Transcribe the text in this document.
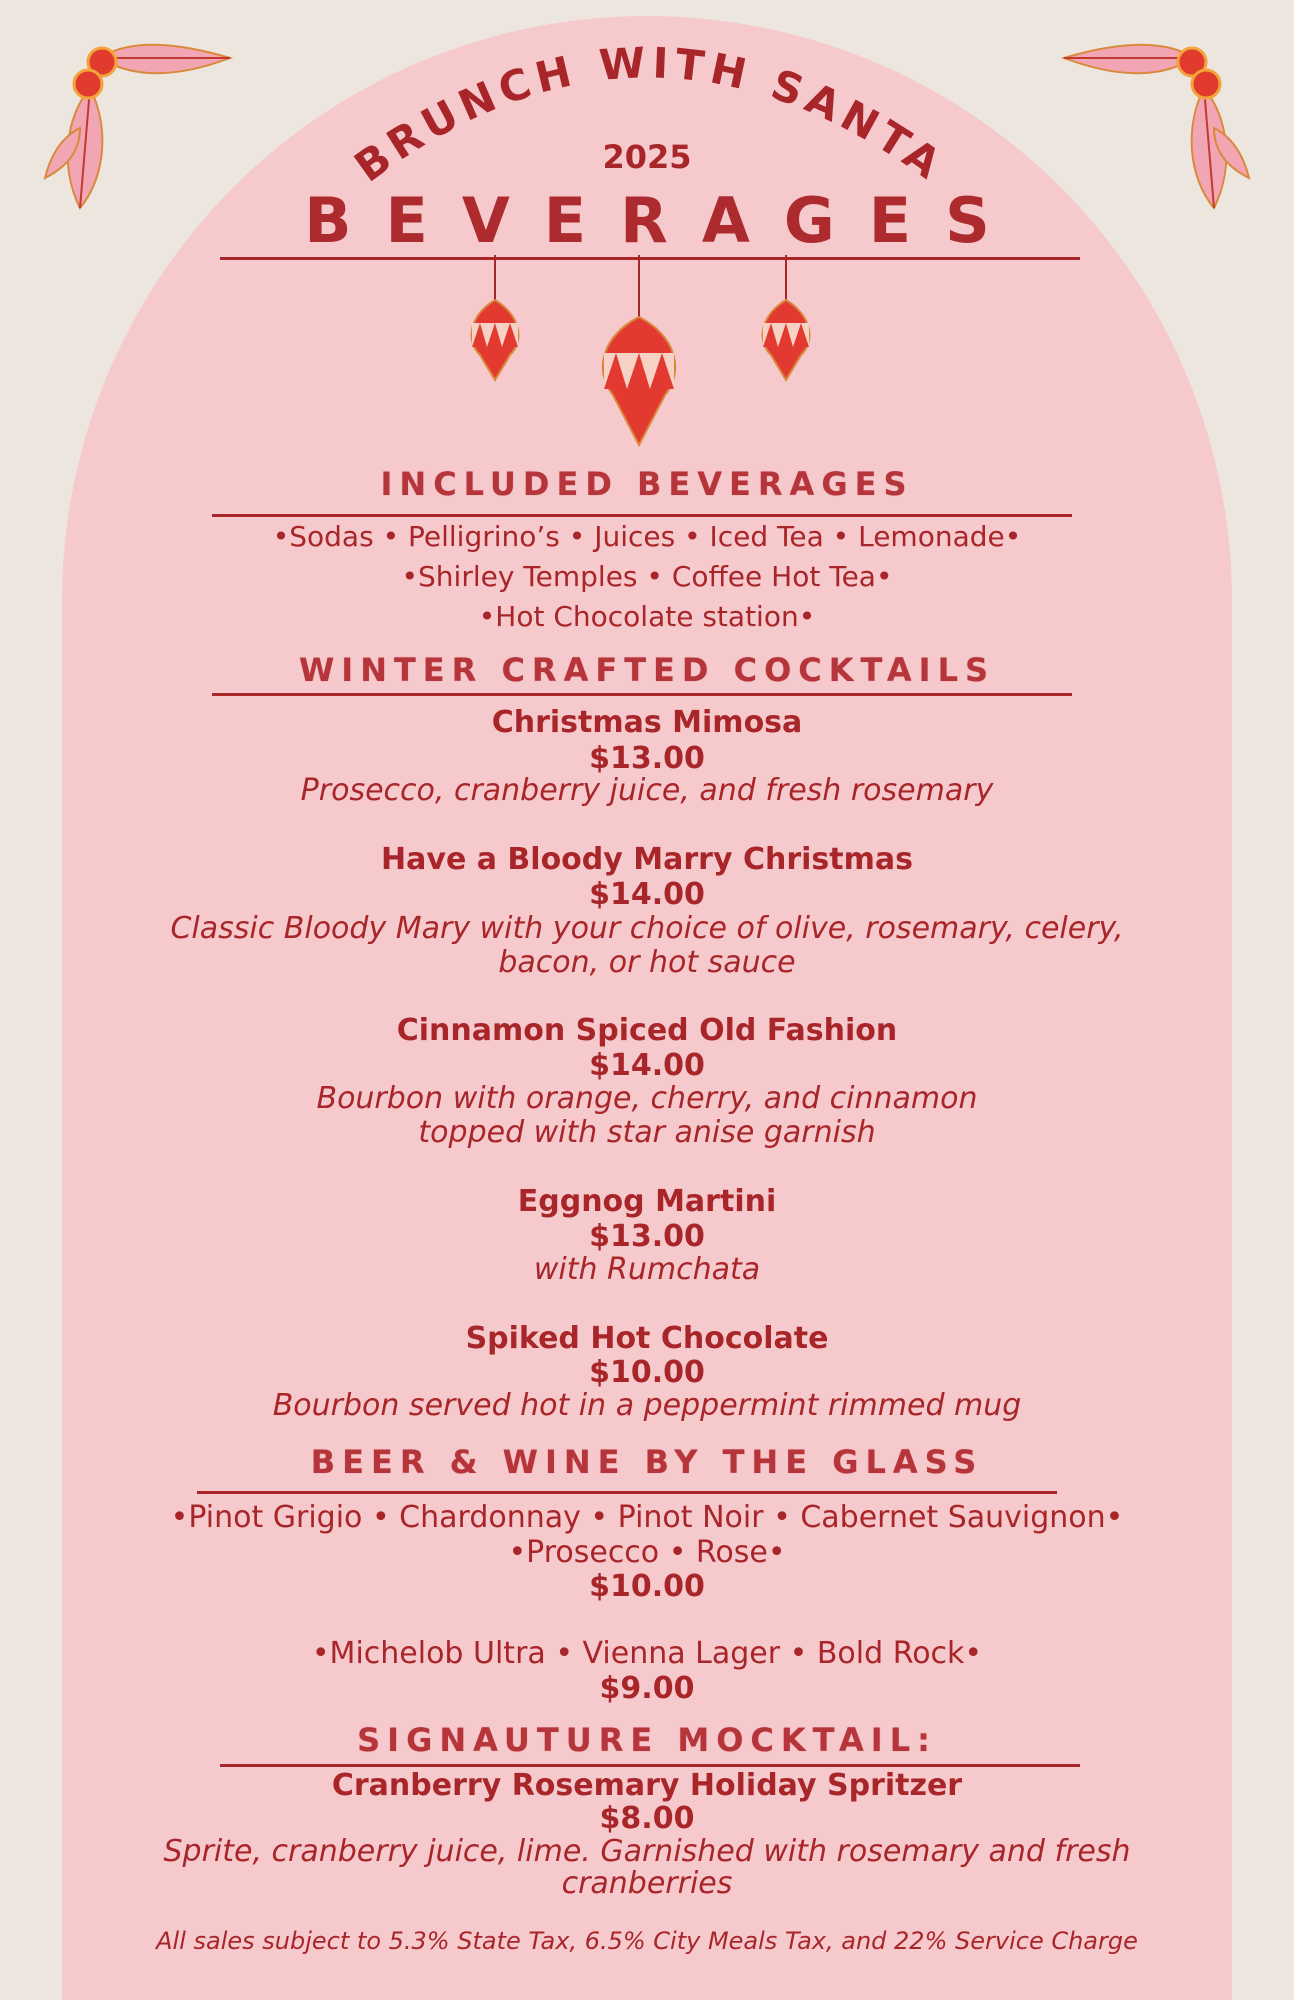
BRUNCH WITH SANTA
2025
BEVERAGES
INCLUDED BEVERAGES
•Sodas • Pelligrino’s • Juices • Iced Tea • Lemonade•
•Shirley Temples • Coffee Hot Tea•
•Hot Chocolate station•
WINTER CRAFTED COCKTAILS
Christmas Mimosa
$13.00
Prosecco, cranberry juice, and fresh rosemary
Have a Bloody Marry Christmas
$14.00
Classic Bloody Mary with your choice of olive, rosemary, celery,
bacon, or hot sauce
Cinnamon Spiced Old Fashion
$14.00
Bourbon with orange, cherry, and cinnamon
topped with star anise garnish
Eggnog Martini
$13.00
with Rumchata
Spiked Hot Chocolate
$10.00
Bourbon served hot in a peppermint rimmed mug
BEER & WINE BY THE GLASS
•Pinot Grigio • Chardonnay • Pinot Noir • Cabernet Sauvignon•
•Prosecco • Rose•
$10.00
•Michelob Ultra • Vienna Lager • Bold Rock•
$9.00
SIGNAUTURE MOCKTAIL:
Cranberry Rosemary Holiday Spritzer
$8.00
Sprite, cranberry juice, lime. Garnished with rosemary and fresh
cranberries
All sales subject to 5.3% State Tax, 6.5% City Meals Tax, and 22% Service Charge
